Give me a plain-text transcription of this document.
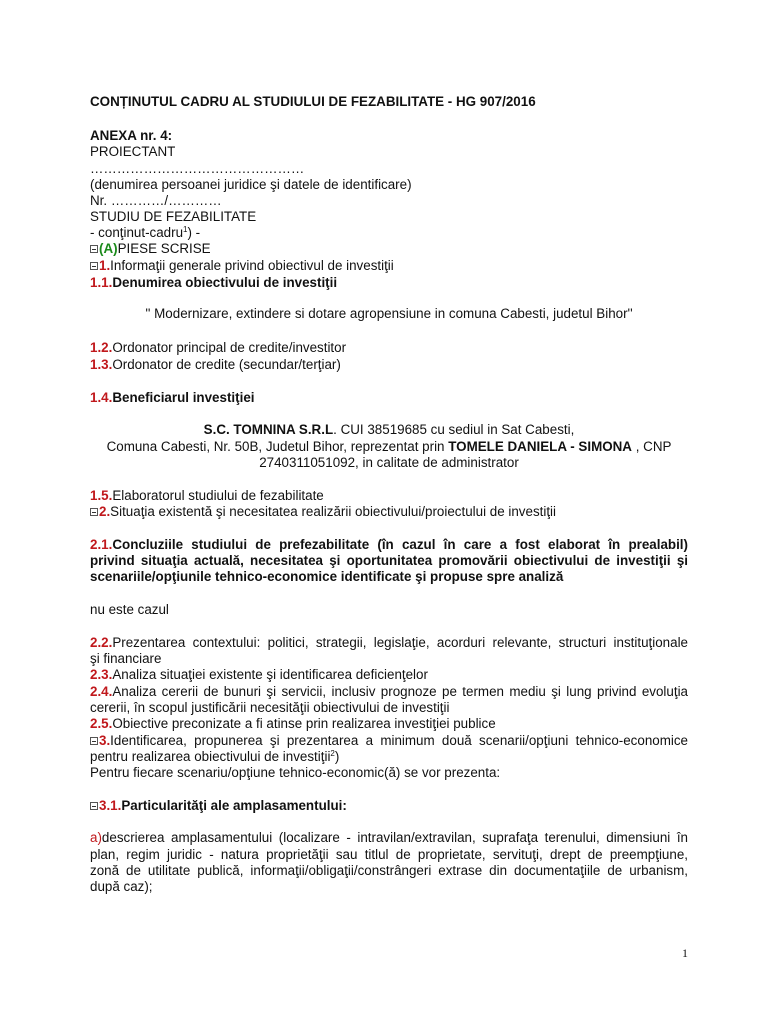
CONȚINUTUL CADRU AL STUDIULUI DE FEZABILITATE - HG 907/2016
ANEXA nr. 4:
PROIECTANT
…………………………………………
(denumirea persoanei juridice şi datele de identificare)
Nr. …………/…………
STUDIU DE FEZABILITATE
- conţinut-cadru$^1$) -
(A)PIESE SCRISE
1.Informaţii generale privind obiectivul de investiţii
1.1.Denumirea obiectivului de investiţii
'' Modernizare, extindere si dotare agropensiune in comuna Cabesti, judetul Bihor''
1.2.Ordonator principal de credite/investitor
1.3.Ordonator de credite (secundar/terţiar)
1.4.Beneficiarul investiţiei
S.C. TOMNINA S.R.L. CUI 38519685 cu sediul in Sat Cabesti,
Comuna Cabesti, Nr. 50B, Judetul Bihor, reprezentat prin TOMELE DANIELA - SIMONA , CNP
2740311051092, in calitate de administrator
1.5.Elaboratorul studiului de fezabilitate
2.Situaţia existentă şi necesitatea realizării obiectivului/proiectului de investiţii
2.1.Concluziile studiului de prefezabilitate (în cazul în care a fost elaborat în prealabil)
privind situaţia actuală, necesitatea şi oportunitatea promovării obiectivului de investiţii şi
scenariile/opţiunile tehnico-economice identificate şi propuse spre analiză
nu este cazul
2.2.Prezentarea contextului: politici, strategii, legislaţie, acorduri relevante, structuri instituţionale
şi financiare
2.3.Analiza situaţiei existente şi identificarea deficienţelor
2.4.Analiza cererii de bunuri şi servicii, inclusiv prognoze pe termen mediu şi lung privind evoluţia
cererii, în scopul justificării necesităţii obiectivului de investiţii
2.5.Obiective preconizate a fi atinse prin realizarea investiţiei publice
3.Identificarea, propunerea şi prezentarea a minimum două scenarii/opţiuni tehnico-economice
pentru realizarea obiectivului de investiţii$^2$)
Pentru fiecare scenariu/opţiune tehnico-economic(ă) se vor prezenta:
3.1.Particularităţi ale amplasamentului:
a)descrierea amplasamentului (localizare - intravilan/extravilan, suprafaţa terenului, dimensiuni în
plan, regim juridic - natura proprietăţii sau titlul de proprietate, servituţi, drept de preempţiune,
zonă de utilitate publică, informaţii/obligaţii/constrângeri extrase din documentaţiile de urbanism,
după caz);
1
